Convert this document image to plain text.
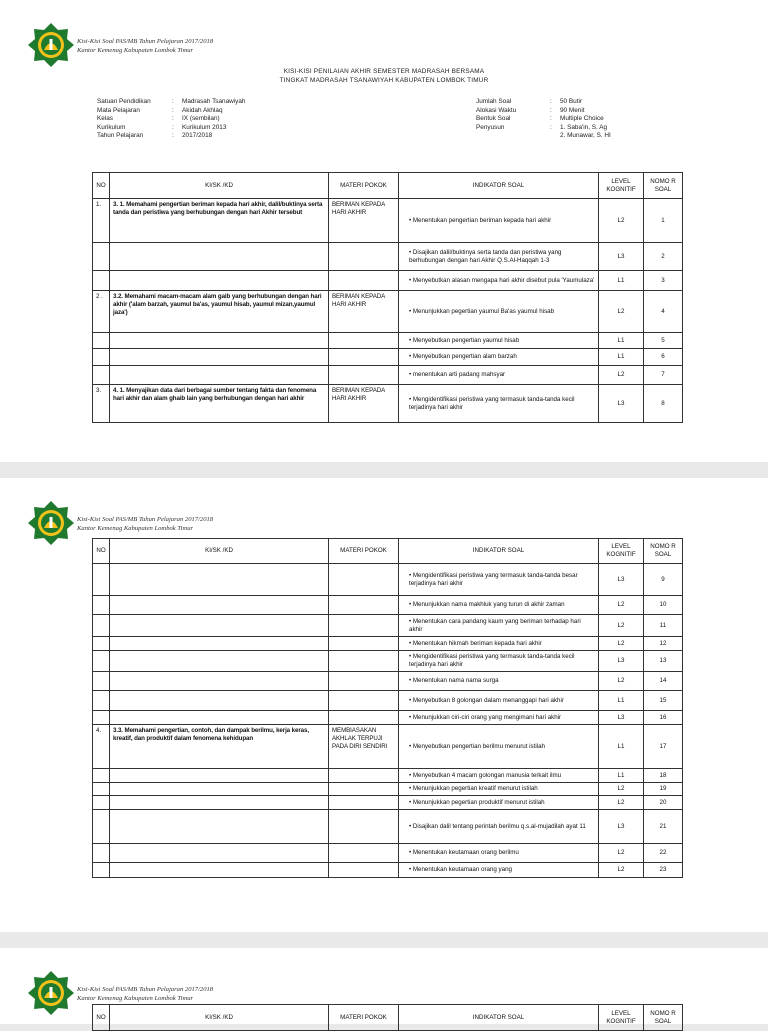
Kisi-Kisi Soal PAS/MB Tahun Pelajaran 2017/2018
Kantor Kemenag Kabupaten Lombok Timur
KISI-KISI PENILAIAN AKHIR SEMESTER MADRASAH BERSAMA
TINGKAT MADRASAH TSANAWIYAH KABUPATEN LOMBOK TIMUR
Satuan Pendidikan	:	Madrasah Tsanawiyah
Mata Pelajaran	:	Akidah Akhlaq
Kelas	:	IX (sembilan)
Kurikulum	:	Kurikulum 2013
Tahun Pelajaran	:	2017/2018
Jumlah Soal	:	50 Butir
Alokasi Waktu	:	90 Menit
Bentuk Soal	:	Multiple Choice
Penyusun	:	1. Saba'in, S. Ag
2. Munawar, S. HI
NO	KI/SK /KD	MATERI POKOK	INDIKATOR SOAL	LEVEL KOGNITIF	NOMO R SOAL
1.	3. 1. Memahami pengertian beriman kepada hari akhir, dalil/buktinya serta tanda dan peristiwa yang berhubungan dengan hari Akhir tersebut	BERIMAN KEPADA HARI AKHIR	• Menentukan pengertian beriman kepada hari akhir	L2	1
			• Disajikan dalil/buktinya serta tanda dan peristiwa yang berhubungan dengan hari Akhir Q.S.Al-Haqqah 1-3	L3	2
			• Menyebutkan alasan mengapa hari akhir disebut pula 'Yaumulaza'	L1	3
2 .	3.2. Memahami macam-macam alam gaib yang berhubungan dengan hari akhir ('alam barzah, yaumul ba'as, yaumul hisab, yaumul mizan,yaumul jaza')	BERIMAN KEPADA HARI AKHIR	• Menunjukkan pegertian yaumul Ba'as yaumul hisab	L2	4
			• Menyebutkan pengertian yaumul hisab	L1	5
			• Menyebutkan pengertian alam barzah	L1	6
			• menentukan arti padang mahsyar	L2	7
3.	4. 1. Menyajikan data dari berbagai sumber tentang fakta dan fenomena hari akhir dan alam ghaib lain yang berhubungan dengan hari akhir	BERIMAN KEPADA HARI AKHIR	• Mengidentifikasi peristiwa yang termasuk tanda-tanda kecil terjadinya hari akhir	L3	8
Kisi-Kisi Soal PAS/MB Tahun Pelajaran 2017/2018
Kantor Kemenag Kabupaten Lombok Timur
NO	KI/SK /KD	MATERI POKOK	INDIKATOR SOAL	LEVEL KOGNITIF	NOMO R SOAL
			• Mengidentifikasi peristiwa yang termasuk tanda-tanda besar terjadinya hari akhir	L3	9
			• Menunjukkan nama makhluk yang turun di akhir zaman	L2	10
			• Menentukan cara pandang kaum yang beriman terhadap hari akhir	L2	11
			• Menentukan hikmah beriman kepada hari akhir	L2	12
			• Mengidentifikasi peristiwa yang termasuk tanda-tanda kecil terjadinya hari akhir	L3	13
			• Menentukan nama nama surga	L2	14
			• Menyebutkan 8 golongan dalam menanggapi hari akhir	L1	15
			• Menunjukkan ciri-ciri orang yang mengimani hari akhir	L3	16
4.	3.3. Memahami pengertian, contoh, dan dampak berilmu, kerja keras, kreatif, dan produktif dalam fenomena kehidupan	MEMBIASAKAN AKHLAK TERPUJI PADA DIRI SENDIRI	• Menyebutkan pengertian berilmu menurut istilah	L1	17
			• Menyebutkan 4 macam golongan manusia terkait ilmu	L1	18
			• Menunjukkan pegertian kreatif menurut istilah	L2	19
			• Menunjukkan pegertian produktif menurut istilah	L2	20
			• Disajikan dalil tentang perintah berilmu q.s.al-mujadilah ayat 11	L3	21
			• Menentukan keutamaan orang berilmu	L2	22
			• Menentukan keutamaan orang yang	L2	23
Kisi-Kisi Soal PAS/MB Tahun Pelajaran 2017/2018
Kantor Kemenag Kabupaten Lombok Timur
NO	KI/SK /KD	MATERI POKOK	INDIKATOR SOAL	LEVEL KOGNITIF	NOMO R SOAL
